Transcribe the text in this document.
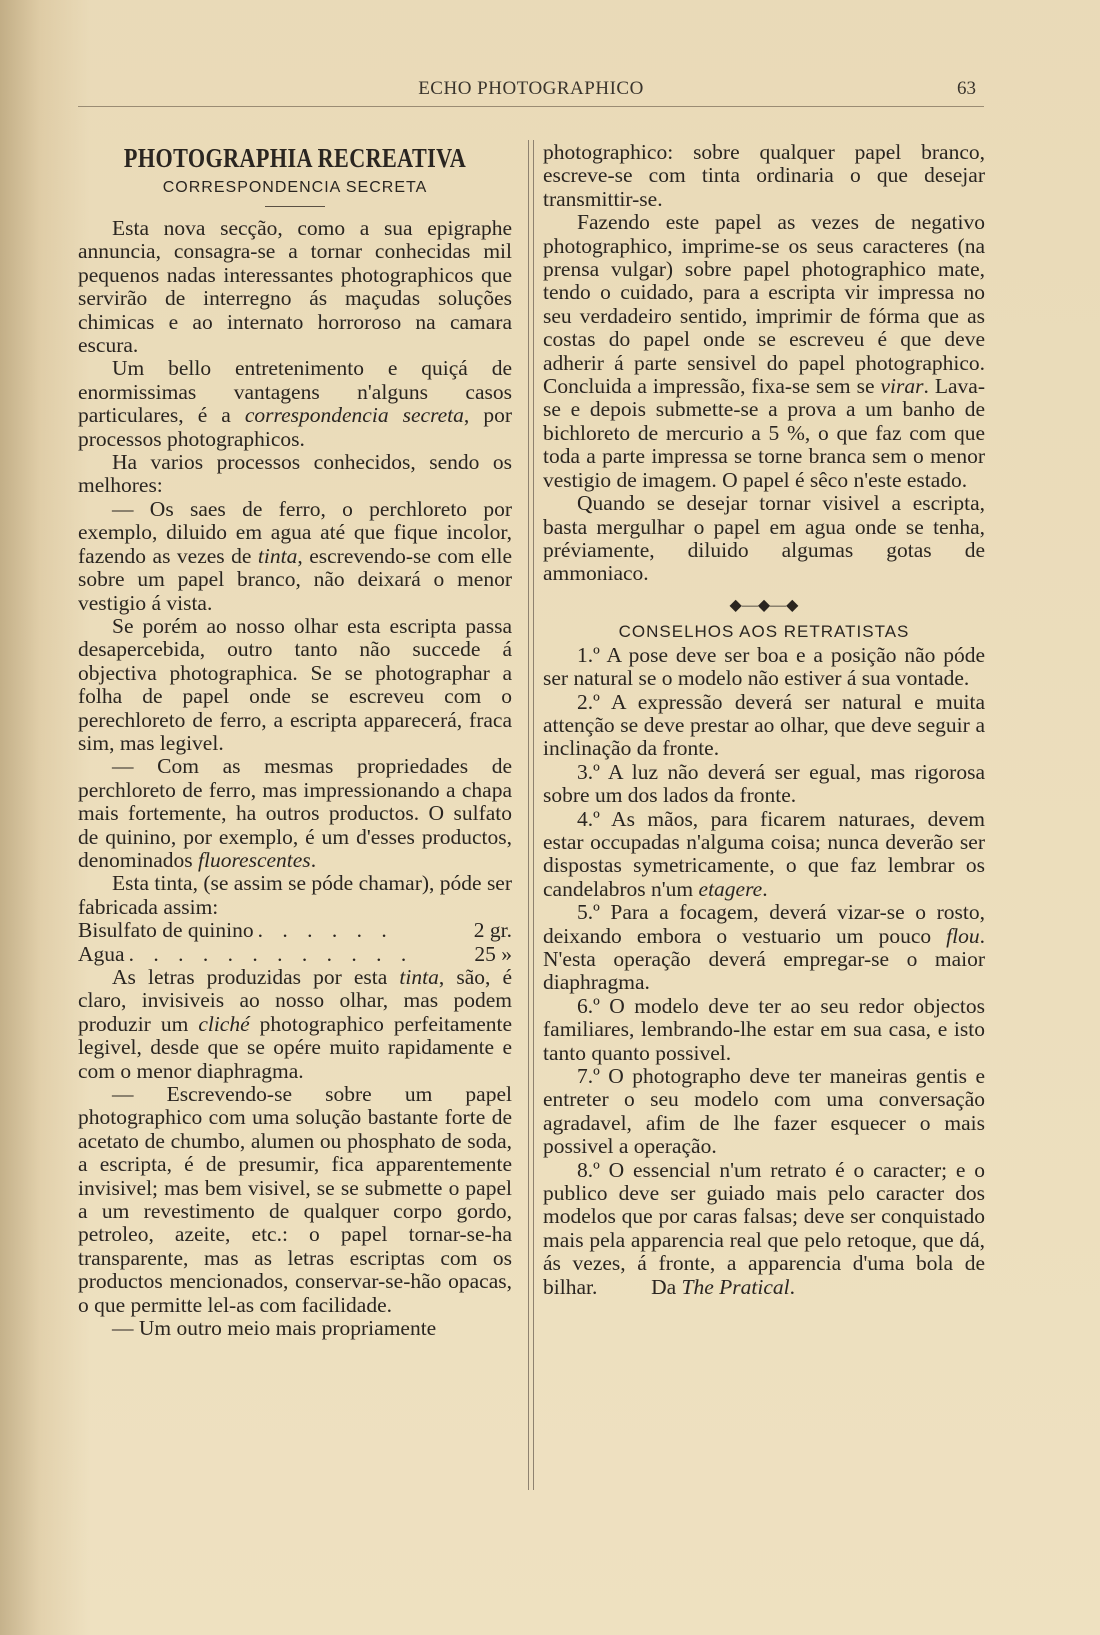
ECHO PHOTOGRAPHICO	63
PHOTOGRAPHIA RECREATIVA
CORRESPONDENCIA SECRETA

Esta nova secção, como a sua epigraphe annuncia, consagra-se a tornar conhecidas mil pequenos nadas interessantes photographicos que servirão de interregno ás maçudas soluções chimicas e ao internato horroroso na camara escura.

Um bello entretenimento e quiçá de enormissimas vantagens n'alguns casos particulares, é a correspondencia secreta, por processos photographicos.

Ha varios processos conhecidos, sendo os melhores:

— Os saes de ferro, o perchloreto por exemplo, diluido em agua até que fique incolor, fazendo as vezes de tinta, escrevendo-se com elle sobre um papel branco, não deixará o menor vestigio á vista.

Se porém ao nosso olhar esta escripta passa desapercebida, outro tanto não succede á objectiva photographica. Se se photographar a folha de papel onde se escreveu com o perechloreto de ferro, a escripta apparecerá, fraca sim, mas legivel.

— Com as mesmas propriedades de perchloreto de ferro, mas impressionando a chapa mais fortemente, ha outros productos. O sulfato de quinino, por exemplo, é um d'esses productos, denominados fluorescentes.

Esta tinta, (se assim se póde chamar), póde ser fabricada assim:

Bisulfato de quinino . . . . . .	2 gr.
Agua . . . . . . . . . . . .	25 »

As letras produzidas por esta tinta, são, é claro, invisiveis ao nosso olhar, mas podem produzir um cliché photographico perfeitamente legivel, desde que se opére muito rapidamente e com o menor diaphragma.

— Escrevendo-se sobre um papel photographico com uma solução bastante forte de acetato de chumbo, alumen ou phosphato de soda, a escripta, é de presumir, fica apparentemente invisivel; mas bem visivel, se se submette o papel a um revestimento de qualquer corpo gordo, petroleo, azeite, etc.: o papel tornar-se-ha transparente, mas as letras escriptas com os productos mencionados, conservar-se-hão opacas, o que permitte lel-as com facilidade.

— Um outro meio mais propriamente

photographico: sobre qualquer papel branco, escreve-se com tinta ordinaria o que desejar transmittir-se.

Fazendo este papel as vezes de negativo photographico, imprime-se os seus caracteres (na prensa vulgar) sobre papel photographico mate, tendo o cuidado, para a escripta vir impressa no seu verdadeiro sentido, imprimir de fórma que as costas do papel onde se escreveu é que deve adherir á parte sensivel do papel photographico. Concluida a impressão, fixa-se sem se virar. Lava-se e depois submette-se a prova a um banho de bichloreto de mercurio a 5 %, o que faz com que toda a parte impressa se torne branca sem o menor vestigio de imagem. O papel é sêco n'este estado.

Quando se desejar tornar visivel a escripta, basta mergulhar o papel em agua onde se tenha, préviamente, diluido algumas gotas de ammoniaco.

◆—◆—◆
CONSELHOS AOS RETRATISTAS

1.º A pose deve ser boa e a posição não póde ser natural se o modelo não estiver á sua vontade.

2.º A expressão deverá ser natural e muita attenção se deve prestar ao olhar, que deve seguir a inclinação da fronte.

3.º A luz não deverá ser egual, mas rigorosa sobre um dos lados da fronte.

4.º As mãos, para ficarem naturaes, devem estar occupadas n'alguma coisa; nunca deverão ser dispostas symetricamente, o que faz lembrar os candelabros n'um etagere.

5.º Para a focagem, deverá vizar-se o rosto, deixando embora o vestuario um pouco flou. N'esta operação deverá empregar-se o maior diaphragma.

6.º O modelo deve ter ao seu redor objectos familiares, lembrando-lhe estar em sua casa, e isto tanto quanto possivel.

7.º O photographo deve ter maneiras gentis e entreter o seu modelo com uma conversação agradavel, afim de lhe fazer esquecer o mais possivel a operação.

8.º O essencial n'um retrato é o caracter; e o publico deve ser guiado mais pelo caracter dos modelos que por caras falsas; deve ser conquistado mais pela apparencia real que pelo retoque, que dá, ás vezes, á fronte, a apparencia d'uma bola de bilhar.	Da The Pratical.
